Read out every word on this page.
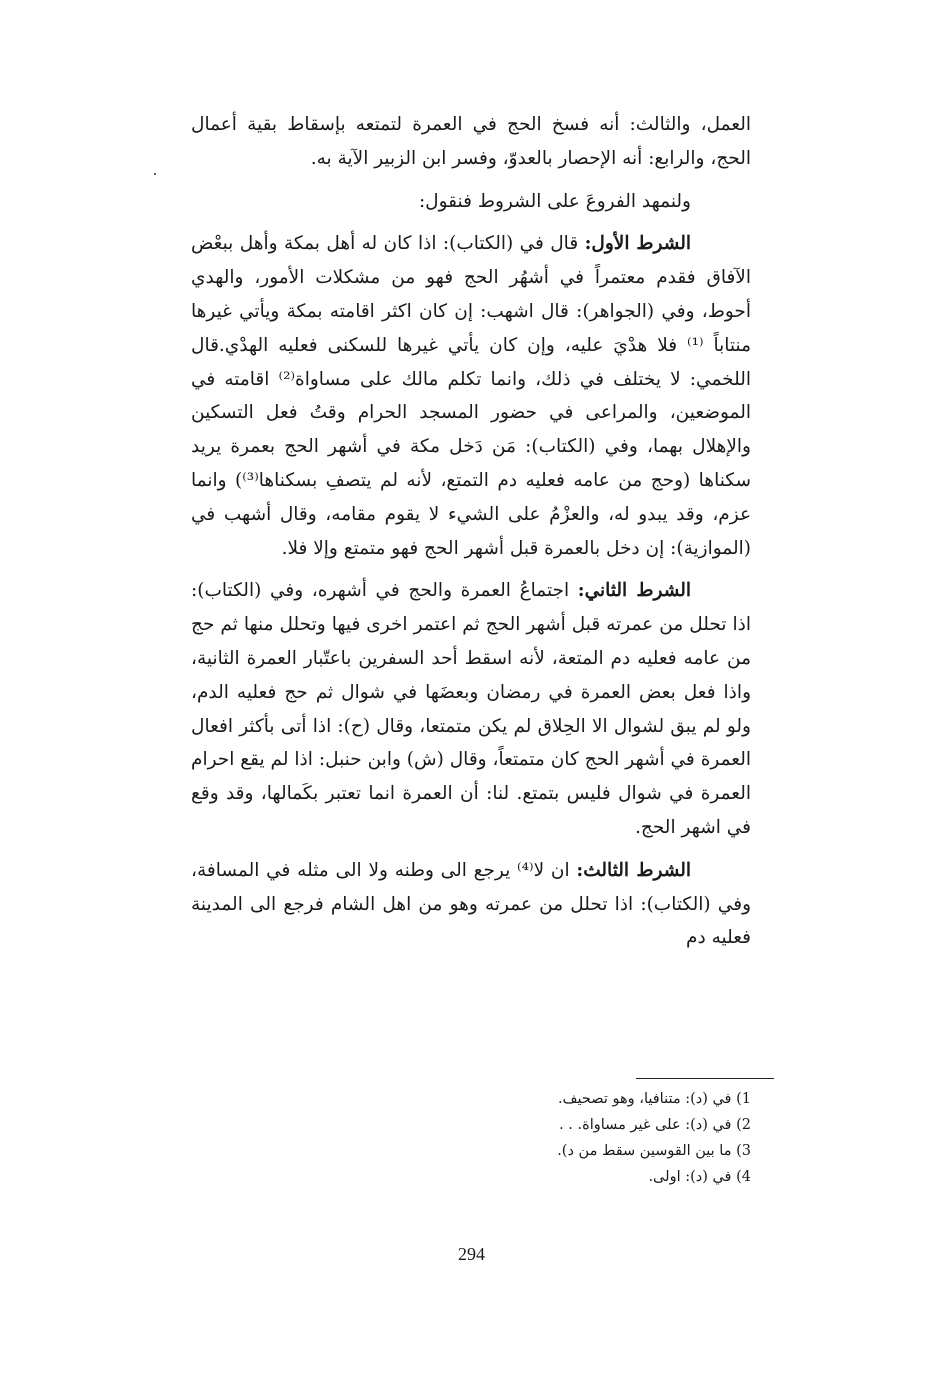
العمل، والثالث: أنه فسخ الحج في العمرة لتمتعه بإسقاط بقية أعمال الحج، والرابع: أنه الإحصار بالعدوّ، وفسر ابن الزبير الآية به.

ولنمهد الفروعَ على الشروط فنقول:

الشرط الأول: قال في (الكتاب): اذا كان له أهل بمكة وأهل ببعْض الآفاق فقدم معتمراً في أشهُر الحج فهو من مشكلات الأمور، والهدي أحوط، وفي (الجواهر): قال اشهب: إن كان اكثر اقامته بمكة ويأتي غيرها منتاباً ⁽¹⁾ فلا هدْيَ عليه، وإن كان يأتي غيرها للسكنى فعليه الهدْي.قال اللخمي: لا يختلف في ذلك، وانما تكلم مالك على مساواة⁽²⁾ اقامته في الموضعين، والمراعى في حضور المسجد الحرام وقتُ فعل التسكين والإهلال بهما، وفي (الكتاب): مَن دَخل مكة في أشهر الحج بعمرة يريد سكناها (وحج من عامه فعليه دم التمتع، لأنه لم يتصفِ بسكناها⁽³⁾) وانما عزم، وقد يبدو له، والعزْمُ على الشيء لا يقوم مقامه، وقال أشهب في (الموازية): إن دخل بالعمرة قبل أشهر الحج فهو متمتع وإلا فلا.

الشرط الثاني: اجتماعُ العمرة والحج في أشهره، وفي (الكتاب): اذا تحلل من عمرته قبل أشهر الحج ثم اعتمر اخرى فيها وتحلل منها ثم حج من عامه فعليه دم المتعة، لأنه اسقط أحد السفرين باعتّبار العمرة الثانية، واذا فعل بعض العمرة في رمضان وبعضَها في شوال ثم حج فعليه الدم، ولو لم يبق لشوال الا الحِلاق لم يكن متمتعا، وقال (ح): اذا أتى بأكثر افعال العمرة في أشهر الحج كان متمتعاً، وقال (ش) وابن حنبل: اذا لم يقع احرام العمرة في شوال فليس بتمتع. لنا: أن العمرة انما تعتبر بكَمالها، وقد وقع في اشهر الحج.

الشرط الثالث: ان لا⁽⁴⁾ يرجع الى وطنه ولا الى مثله في المسافة، وفي (الكتاب): اذا تحلل من عمرته وهو من اهل الشام فرجع الى المدينة فعليه دم

1) في (د): متنافيا، وهو تصحيف.
2) في (د): على غير مساواة. . .
3) ما بين القوسين سقط من د).
4) في (د): اولى.
294
